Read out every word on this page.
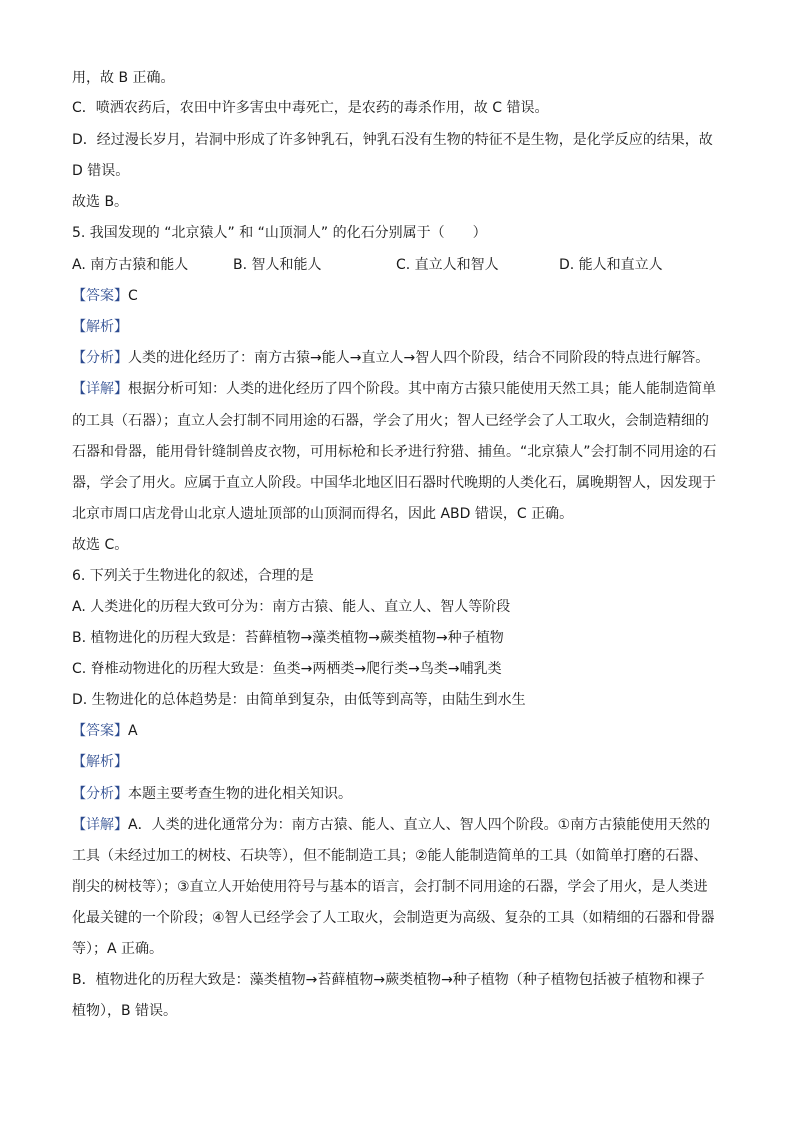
用，故 B 正确。
C．喷洒农药后，农田中许多害虫中毒死亡，是农药的毒杀作用，故 C 错误。
D．经过漫长岁月，岩洞中形成了许多钟乳石，钟乳石没有生物的特征不是生物，是化学反应的结果，故
D 错误。
故选 B。
5. 我国发现的 “北京猿人” 和 “山顶洞人” 的化石分别属于（　　）
A. 南方古猿和能人	B. 智人和能人	C. 直立人和智人	D. 能人和直立人
【答案】C
【解析】
【分析】人类的进化经历了：南方古猿→能人→直立人→智人四个阶段，结合不同阶段的特点进行解答。
【详解】根据分析可知：人类的进化经历了四个阶段。其中南方古猿只能使用天然工具；能人能制造简单
的工具（石器）；直立人会打制不同用途的石器，学会了用火；智人已经学会了人工取火，会制造精细的
石器和骨器，能用骨针缝制兽皮衣物，可用标枪和长矛进行狩猎、捕鱼。“北京猿人”会打制不同用途的石
器，学会了用火。应属于直立人阶段。中国华北地区旧石器时代晚期的人类化石，属晚期智人，因发现于
北京市周口店龙骨山北京人遗址顶部的山顶洞而得名，因此 ABD 错误，C 正确。
故选 C。
6. 下列关于生物进化的叙述，合理的是
A. 人类进化的历程大致可分为：南方古猿、能人、直立人、智人等阶段
B. 植物进化的历程大致是：苔藓植物→藻类植物→蕨类植物→种子植物
C. 脊椎动物进化的历程大致是：鱼类→两栖类→爬行类→鸟类→哺乳类
D. 生物进化的总体趋势是：由简单到复杂，由低等到高等，由陆生到水生
【答案】A
【解析】
【分析】本题主要考查生物的进化相关知识。
【详解】A．人类的进化通常分为：南方古猿、能人、直立人、智人四个阶段。①南方古猿能使用天然的
工具（未经过加工的树枝、石块等），但不能制造工具；②能人能制造简单的工具（如简单打磨的石器、
削尖的树枝等）；③直立人开始使用符号与基本的语言，会打制不同用途的石器，学会了用火，是人类进
化最关键的一个阶段；④智人已经学会了人工取火，会制造更为高级、复杂的工具（如精细的石器和骨器
等）；A 正确。
B．植物进化的历程大致是：藻类植物→苔藓植物→蕨类植物→种子植物（种子植物包括被子植物和裸子
植物），B 错误。
